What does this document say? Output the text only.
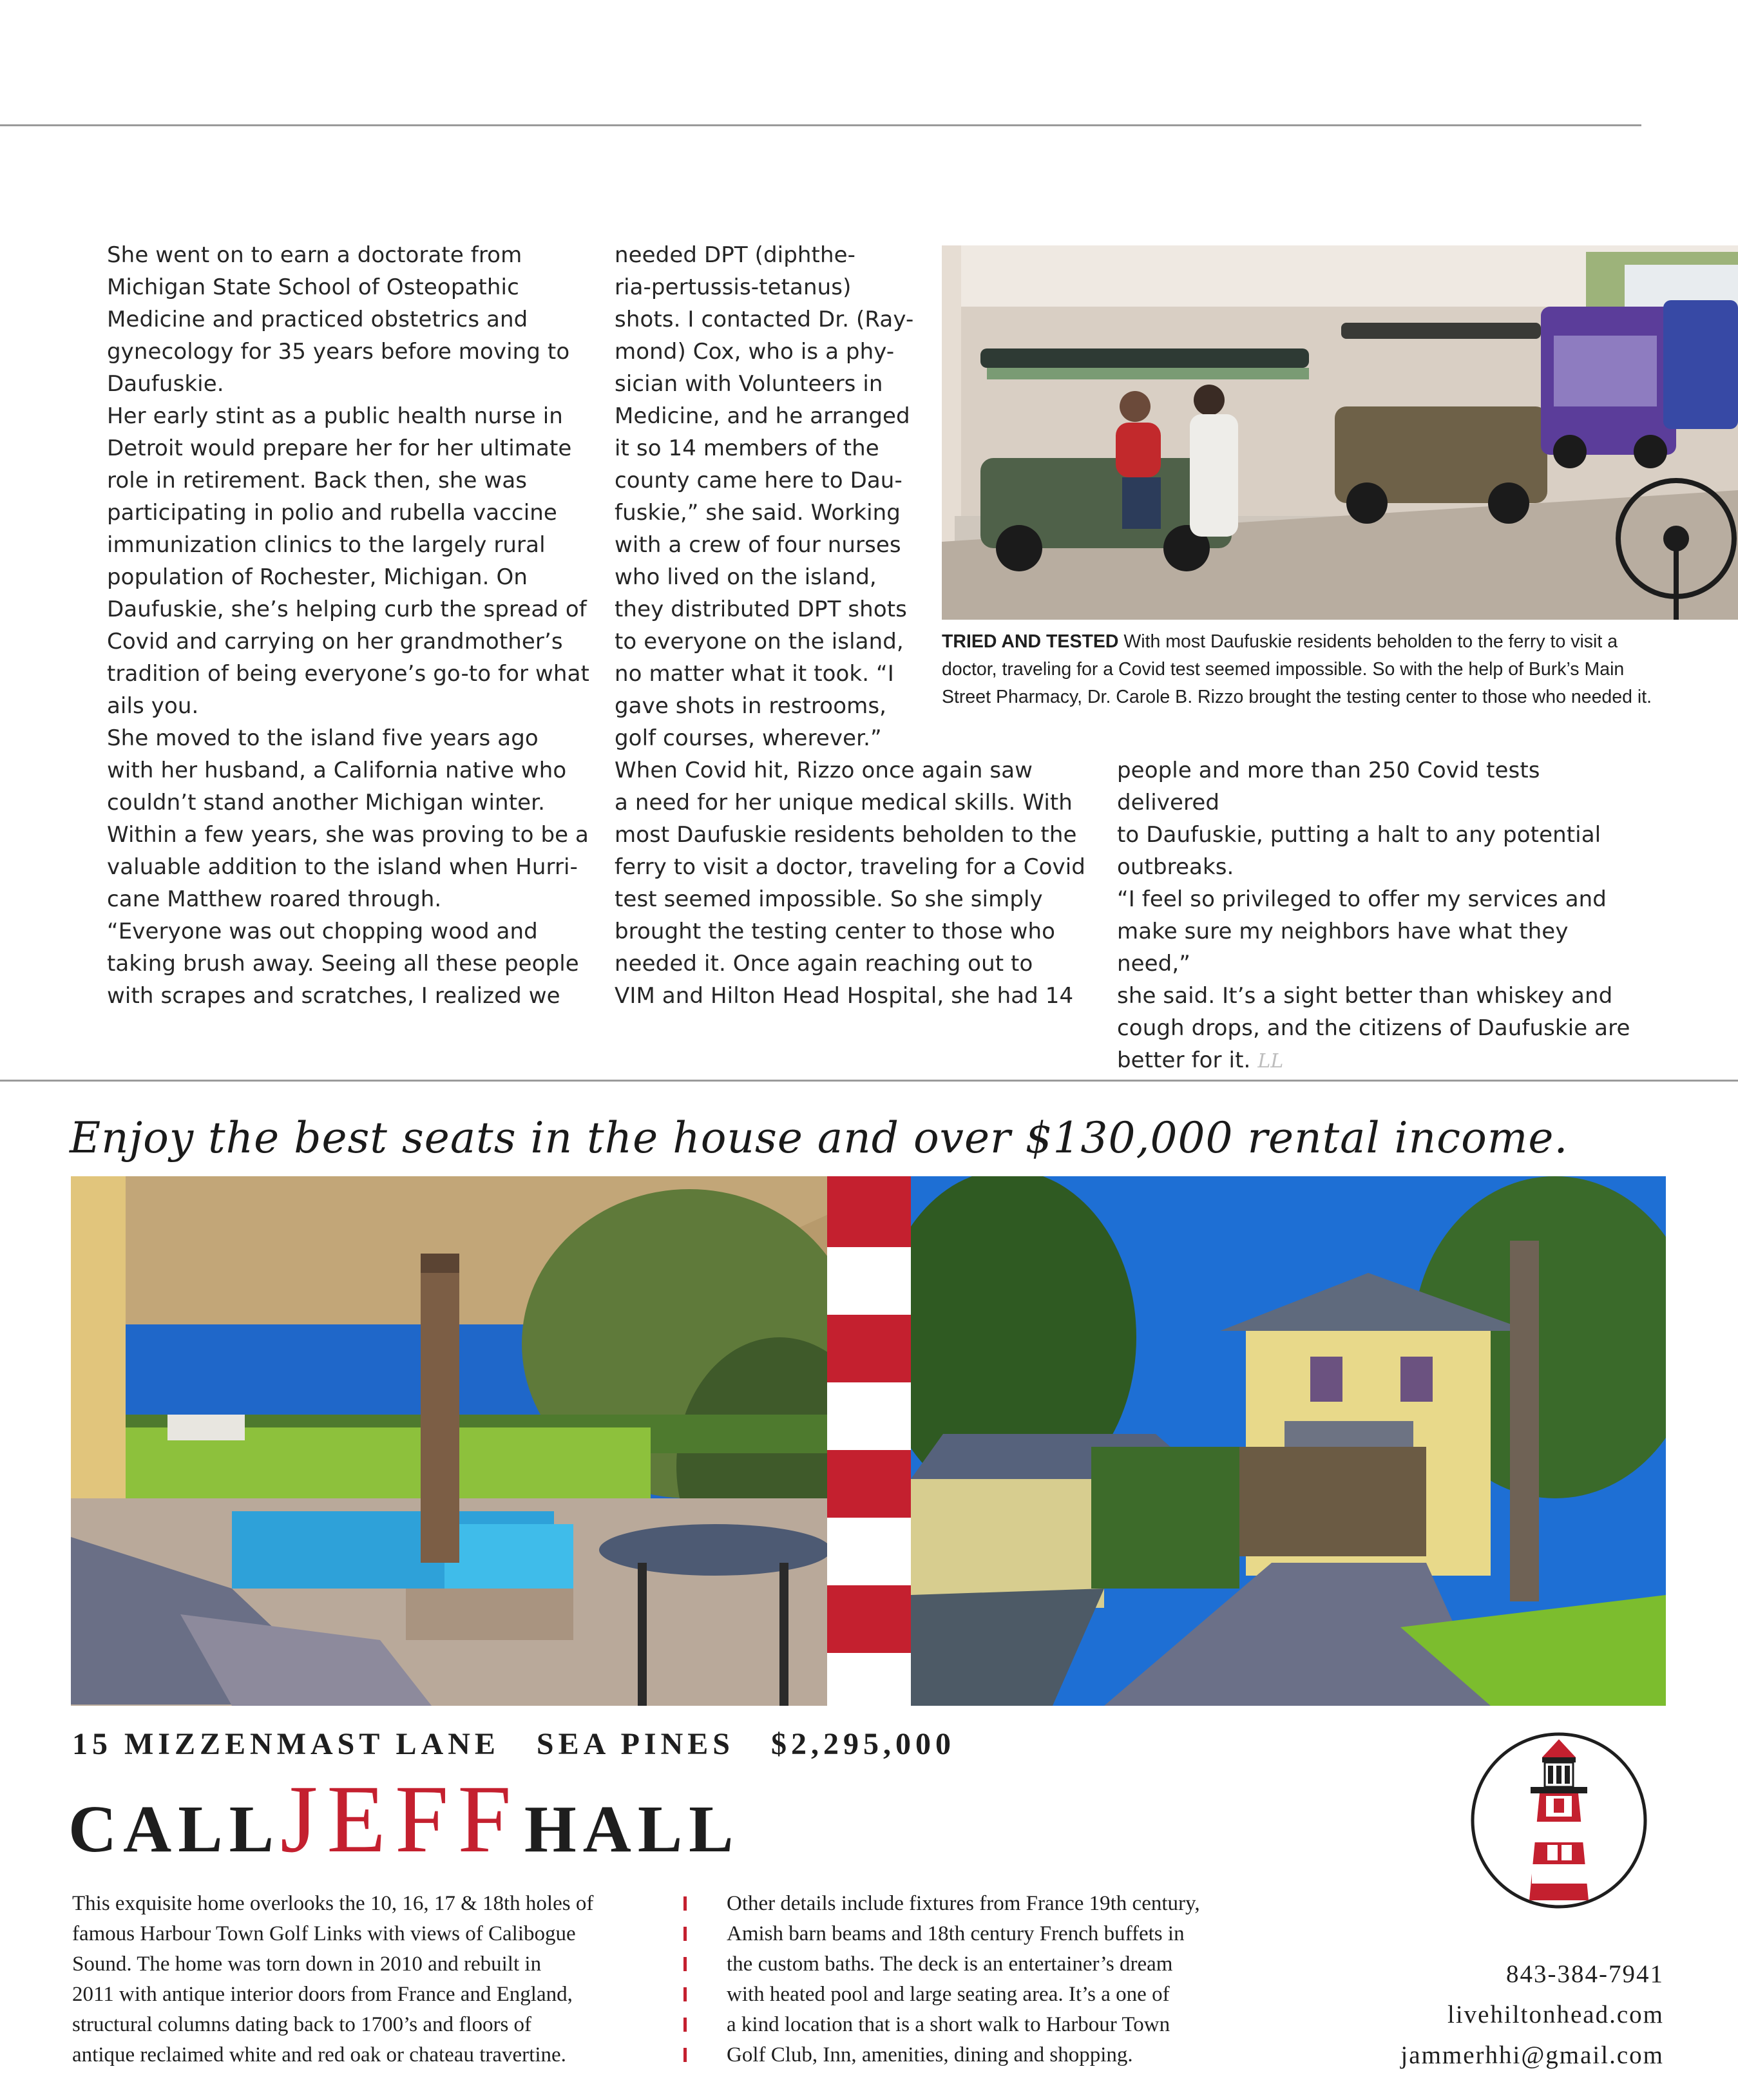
She went on to earn a doctorate from
Michigan State School of Osteopathic
Medicine and practiced obstetrics and
gynecology for 35 years before moving to
Daufuskie.
Her early stint as a public health nurse in
Detroit would prepare her for her ultimate
role in retirement. Back then, she was
participating in polio and rubella vaccine
immunization clinics to the largely rural
population of Rochester, Michigan. On
Daufuskie, she’s helping curb the spread of
Covid and carrying on her grandmother’s
tradition of being everyone’s go-to for what
ails you.
She moved to the island five years ago
with her husband, a California native who
couldn’t stand another Michigan winter.
Within a few years, she was proving to be a
valuable addition to the island when Hurri-
cane Matthew roared through.
“Everyone was out chopping wood and
taking brush away. Seeing all these people
with scrapes and scratches, I realized we

needed DPT (diphthe-
ria-pertussis-tetanus)
shots. I contacted Dr. (Ray-
mond) Cox, who is a phy-
sician with Volunteers in
Medicine, and he arranged
it so 14 members of the
county came here to Dau-
fuskie,” she said. Working
with a crew of four nurses
who lived on the island,
they distributed DPT shots
to everyone on the island,
no matter what it took. “I
gave shots in restrooms,
golf courses, wherever.”

When Covid hit, Rizzo once again saw
a need for her unique medical skills. With
most Daufuskie residents beholden to the
ferry to visit a doctor, traveling for a Covid
test seemed impossible. So she simply
brought the testing center to those who
needed it. Once again reaching out to
VIM and Hilton Head Hospital, she had 14

people and more than 250 Covid tests delivered
to Daufuskie, putting a halt to any potential
outbreaks.
“I feel so privileged to offer my services and
make sure my neighbors have what they need,”
she said. It’s a sight better than whiskey and
cough drops, and the citizens of Daufuskie are
better for it. LL
TRIED AND TESTED With most Daufuskie residents beholden to the ferry to visit a
doctor, traveling for a Covid test seemed impossible. So with the help of Burk’s Main
Street Pharmacy, Dr. Carole B. Rizzo brought the testing center to those who needed it.
Enjoy the best seats in the house and over $130,000 rental income.
15 MIZZENMAST LANE   SEA PINES   $2,295,000
CALLJEFFHALL
This exquisite home overlooks the 10, 16, 17 & 18th holes of
famous Harbour Town Golf Links with views of Calibogue
Sound. The home was torn down in 2010 and rebuilt in
2011 with antique interior doors from France and England,
structural columns dating back to 1700’s and floors of
antique reclaimed white and red oak or chateau travertine.
Other details include fixtures from France 19th century,
Amish barn beams and 18th century French buffets in
the custom baths. The deck is an entertainer’s dream
with heated pool and large seating area. It’s a one of
a kind location that is a short walk to Harbour Town
Golf Club, Inn, amenities, dining and shopping.
843-384-7941
livehiltonhead.com
jammerhhi@gmail.com
